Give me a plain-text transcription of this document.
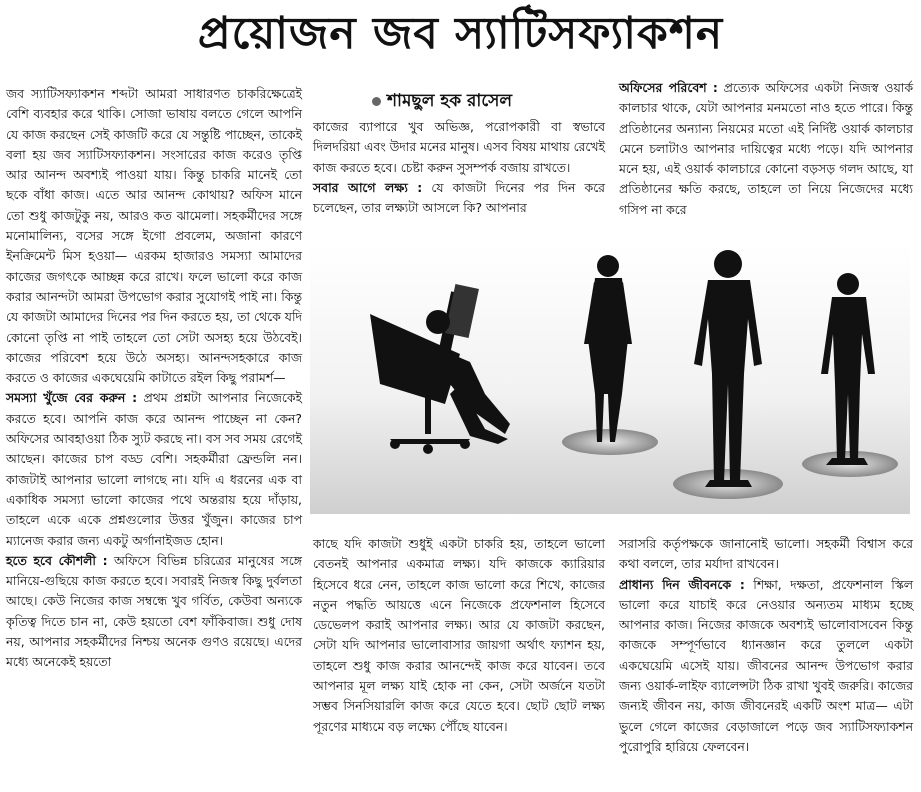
প্রয়োজন জব স্যাটিসফ্যাকশন
শামছুল হক রাসেল

জব স্যাটিসফ্যাকশন শব্দটা আমরা সাধারণত চাকরিক্ষেত্রেই বেশি ব্যবহার করে থাকি। সোজা ভাষায় বলতে গেলে আপনি যে কাজ করছেন সেই কাজটি করে যে সন্তুষ্টি পাচ্ছেন, তাকেই বলা হয় জব স্যাটিসফ্যাকশন। সংসারের কাজ করেও তৃপ্তি আর আনন্দ অবশ্যই পাওয়া যায়। কিন্তু চাকরি মানেই তো ছকে বাঁধা কাজ। এতে আর আনন্দ কোথায়? অফিস মানে তো শুধু কাজটুকু নয়, আরও কত ঝামেলা। সহকর্মীদের সঙ্গে মনোমালিন্য, বসের সঙ্গে ইগো প্রবলেম, অজানা কারণে ইনক্রিমেন্ট মিস হওয়া— এরকম হাজারও সমস্যা আমাদের কাজের জগৎকে আচ্ছন্ন করে রাখে। ফলে ভালো করে কাজ করার আনন্দটা আমরা উপভোগ করার সুযোগই পাই না। কিন্তু যে কাজটা আমাদের দিনের পর দিন করতে হয়, তা থেকে যদি কোনো তৃপ্তি না পাই তাহলে তো সেটা অসহ্য হয়ে উঠবেই। কাজের পরিবেশ হয়ে উঠে অসহ্য। আনন্দসহকারে কাজ করতে ও কাজের একঘেয়েমি কাটাতে রইল কিছু পরামর্শ—

সমস্যা খুঁজে বের করুন : প্রথম প্রশ্নটা আপনার নিজেকেই করতে হবে। আপনি কাজ করে আনন্দ পাচ্ছেন না কেন? অফিসের আবহাওয়া ঠিক স্যুট করছে না। বস সব সময় রেগেই আছেন। কাজের চাপ বড্ড বেশি। সহকর্মীরা ফ্রেন্ডলি নন। কাজটাই আপনার ভালো লাগছে না। যদি এ ধরনের এক বা একাধিক সমস্যা ভালো কাজের পথে অন্তরায় হয়ে দাঁড়ায়, তাহলে একে একে প্রশ্নগুলোর উত্তর খুঁজুন। কাজের চাপ ম্যানেজ করার জন্য একটু অর্গানাইজড হোন।

হতে হবে কৌশলী : অফিসে বিভিন্ন চরিত্রের মানুষের সঙ্গে মানিয়ে-গুছিয়ে কাজ করতে হবে। সবারই নিজস্ব কিছু দুর্বলতা আছে। কেউ নিজের কাজ সম্বন্ধে খুব গর্বিত, কেউবা অন্যকে কৃতিত্ব দিতে চান না, কেউ হয়তো বেশ ফাঁকিবাজ। শুধু দোষ নয়, আপনার সহকর্মীদের নিশ্চয় অনেক গুণও রয়েছে। এদের মধ্যে অনেকেই হয়তো

কাজের ব্যাপারে খুব অভিজ্ঞ, পরোপকারী বা স্বভাবে দিলদরিয়া এবং উদার মনের মানুষ। এসব বিষয় মাথায় রেখেই কাজ করতে হবে। চেষ্টা করুন সুসম্পর্ক বজায় রাখতে।

সবার আগে লক্ষ্য : যে কাজটা দিনের পর দিন করে চলেছেন, তার লক্ষ্যটা আসলে কি? আপনার

অফিসের পরিবেশ : প্রত্যেক অফিসের একটা নিজস্ব ওয়ার্ক কালচার থাকে, যেটা আপনার মনমতো নাও হতে পারে। কিন্তু প্রতিষ্ঠানের অন্যান্য নিয়মের মতো এই নির্দিষ্ট ওয়ার্ক কালচার মেনে চলাটাও আপনার দায়িত্বের মধ্যে পড়ে। যদি আপনার মনে হয়, এই ওয়ার্ক কালচারে কোনো বড়সড় গলদ আছে, যা প্রতিষ্ঠানের ক্ষতি করছে, তাহলে তা নিয়ে নিজেদের মধ্যে গসিপ না করে

কাছে যদি কাজটা শুধুই একটা চাকরি হয়, তাহলে ভালো বেতনই আপনার একমাত্র লক্ষ্য। যদি কাজকে ক্যারিয়ার হিসেবে ধরে নেন, তাহলে কাজ ভালো করে শিখে, কাজের নতুন পদ্ধতি আয়ত্তে এনে নিজেকে প্রফেশনাল হিসেবে ডেভেলপ করাই আপনার লক্ষ্য। আর যে কাজটা করছেন, সেটা যদি আপনার ভালোবাসার জায়গা অর্থাৎ ফ্যাশন হয়, তাহলে শুধু কাজ করার আনন্দেই কাজ করে যাবেন। তবে আপনার মূল লক্ষ্য যাই হোক না কেন, সেটা অর্জনে যতটা সম্ভব সিনসিয়ারলি কাজ করে যেতে হবে। ছোট ছোট লক্ষ্য পূরণের মাধ্যমে বড় লক্ষ্যে পৌঁছে যাবেন।

সরাসরি কর্তৃপক্ষকে জানানোই ভালো। সহকর্মী বিশ্বাস করে কথা বললে, তার মর্যাদা রাখবেন।

প্রাধান্য দিন জীবনকে : শিক্ষা, দক্ষতা, প্রফেশনাল স্কিল ভালো করে যাচাই করে নেওয়ার অন্যতম মাধ্যম হচ্ছে আপনার কাজ। নিজের কাজকে অবশ্যই ভালোবাসবেন কিন্তু কাজকে সম্পূর্ণভাবে ধ্যানজ্ঞান করে তুললে একটা একঘেয়েমি এসেই যায়। জীবনের আনন্দ উপভোগ করার জন্য ওয়ার্ক-লাইফ ব্যালেন্সটা ঠিক রাখা খুবই জরুরি। কাজের জন্যই জীবন নয়, কাজ জীবনেরই একটি অংশ মাত্র— এটা ভুলে গেলে কাজের বেড়াজালে পড়ে জব স্যাটিসফ্যাকশন পুরোপুরি হারিয়ে ফেলবেন।
